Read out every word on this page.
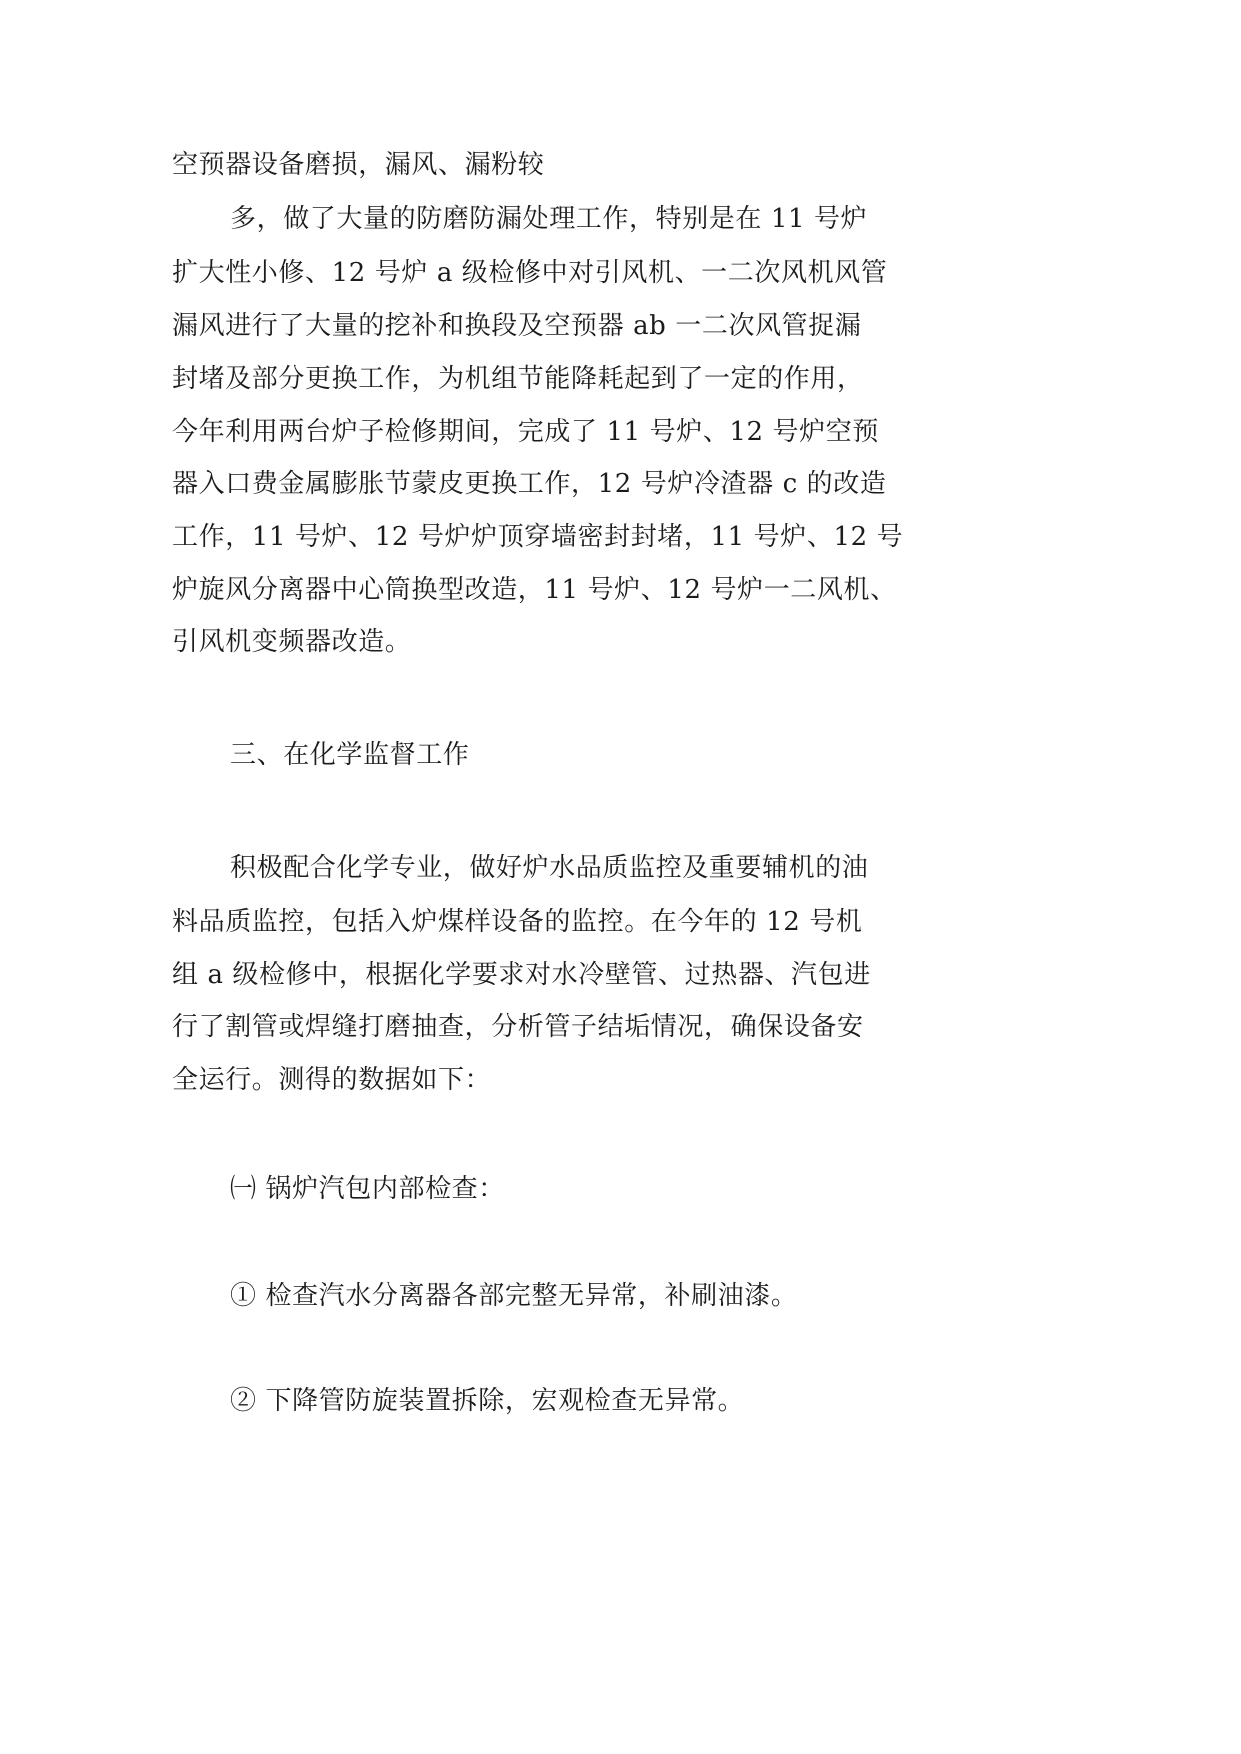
空预器设备磨损，漏风、漏粉较

多，做了大量的防磨防漏处理工作，特别是在 11 号炉

扩大性小修、12 号炉 a 级检修中对引风机、一二次风机风管

漏风进行了大量的挖补和换段及空预器 ab 一二次风管捉漏

封堵及部分更换工作，为机组节能降耗起到了一定的作用，

今年利用两台炉子检修期间，完成了 11 号炉、12 号炉空预

器入口费金属膨胀节蒙皮更换工作，12 号炉冷渣器 c 的改造

工作，11 号炉、12 号炉炉顶穿墙密封封堵，11 号炉、12 号

炉旋风分离器中心筒换型改造，11 号炉、12 号炉一二风机、

引风机变频器改造。

三、在化学监督工作

积极配合化学专业，做好炉水品质监控及重要辅机的油

料品质监控，包括入炉煤样设备的监控。在今年的 12 号机

组 a 级检修中，根据化学要求对水冷壁管、过热器、汽包进

行了割管或焊缝打磨抽查，分析管子结垢情况，确保设备安

全运行。测得的数据如下：

㈠ 锅炉汽包内部检查：

① 检查汽水分离器各部完整无异常，补刷油漆。

② 下降管防旋装置拆除，宏观检查无异常。
